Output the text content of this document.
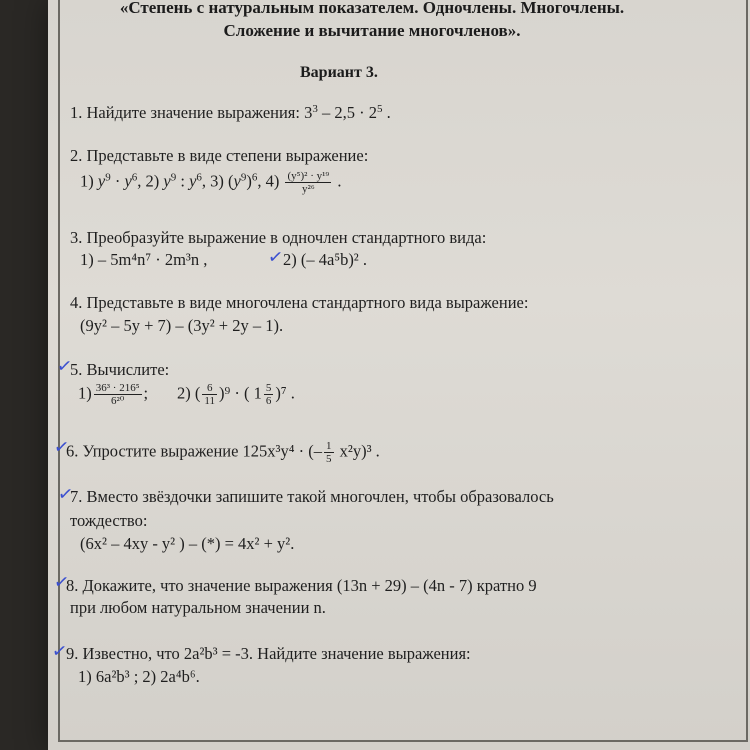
«Степень с натуральным показателем. Одночлены. Многочлены.
Сложение и вычитание многочленов».
Вариант 3.
1. Найдите значение выражения: $3^3 - 2,5 \cdot 2^5$ .
2. Представьте в виде степени выражение:
1) $y^9 \cdot y^6$, 2) $y^9$ : $y^6$, 3) $(y^9)^6$, $4) \frac{\text{(y⁵)² · y¹⁹}}{\text{y²⁶}}$ .
3. Преобразуйте выражение в одночлен стандартного вида:
1) – 5m⁴n⁷ · 2m³n ,	2) (– 4a⁵b)² .
✓
4. Представьте в виде многочлена стандартного вида выражение:
(9y² – 5y + 7) – (3y² + 2y – 1).
✓
5. Вычислите:
$1) \frac{\text{36³ · 216⁵}}{\text{6²⁰}}$ ; 2) ( $\frac{6}{11} )^9$ · ( $1 \frac{5}{6} )^7$ .
✓
6. Упростите выражение 125x³y⁴ · (– $\frac{1}{5} x^2y)^3$ .
✓
7. Вместо звёздочки запишите такой многочлен, чтобы образовалось
тождество:
(6x² – 4xy - y² ) – (*) = 4x² + y².
✓
8. Докажите, что значение выражения (13n + 29) – (4n - 7) кратно 9
при любом натуральном значении n.
✓
9. Известно, что 2a²b³ = -3. Найдите значение выражения:
1) 6a²b³ ; 2) 2a⁴b⁶.
